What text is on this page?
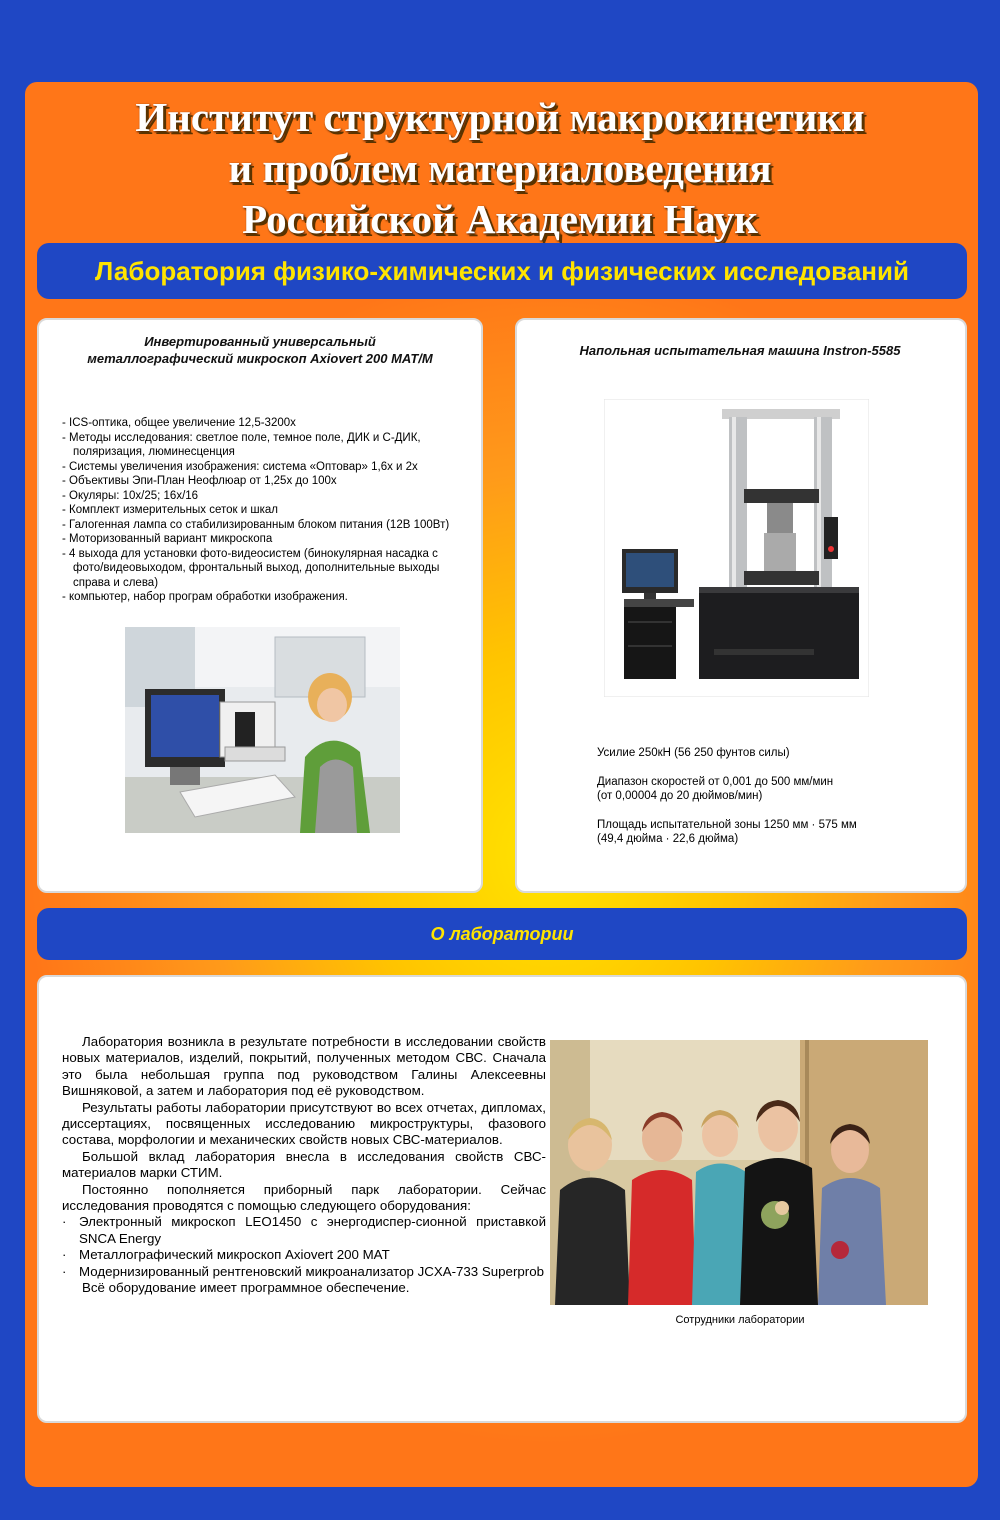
Институт структурной макрокинетики
и проблем материаловедения
Российской Академии Наук
Лаборатория физико-химических и физических исследований
Инвертированный универсальный
металлографический микроскоп Axiovert 200 MAT/M
- ICS-оптика, общее увеличение 12,5-3200х
- Методы исследования: светлое поле, темное поле, ДИК и С-ДИК, поляризация, люминесценция
- Системы увеличения изображения: система «Оптовар» 1,6х и 2х
- Объективы Эпи-План Неофлюар от 1,25х до 100х
- Окуляры: 10х/25; 16х/16
- Комплект измерительных сеток и шкал
- Галогенная лампа со стабилизированным блоком питания (12В 100Вт)
- Моторизованный вариант микроскопа
- 4 выхода для установки фото-видеосистем (бинокулярная насадка с фото/видеовыходом, фронтальный выход, дополнительные выходы справа и слева)
- компьютер, набор програм обработки изображения.
Напольная испытательная машина Instron-5585

Усилие 250кН (56 250 фунтов силы)

Диапазон скоростей от 0,001 до 500 мм/мин
(от 0,00004 до 20 дюймов/мин)

Площадь испытательной зоны 1250 мм · 575 мм
(49,4 дюйма · 22,6 дюйма)

О лаборатории

Лаборатория возникла в результате потребности в исследовании свойств новых материалов, изделий, покрытий, полученных методом СВС. Сначала это была небольшая группа под руководством Галины Алексеевны Вишняковой, а затем и лаборатория под её руководством.

Результаты работы лаборатории присутствуют во всех отчетах, дипломах, диссертациях, посвященных исследованию микроструктуры, фазового состава, морфологии и механических свойств новых СВС-материалов.

Большой вклад лаборатория внесла в исследования свойств СВС-материалов марки СТИМ.

Постоянно пополняется приборный парк лаборатории. Сейчас исследования проводятся с помощью следующего оборудования:

· Электронный микроскоп LEO1450 с энергодиспер-сионной приставкой SNCA Energy

· Металлографический микроскоп Axiovert 200 MAT

· Модернизированный рентгеновский микроанализатор JCXA-733 Superprob

Всё оборудование имеет программное обеспечение.

Сотрудники лаборатории
